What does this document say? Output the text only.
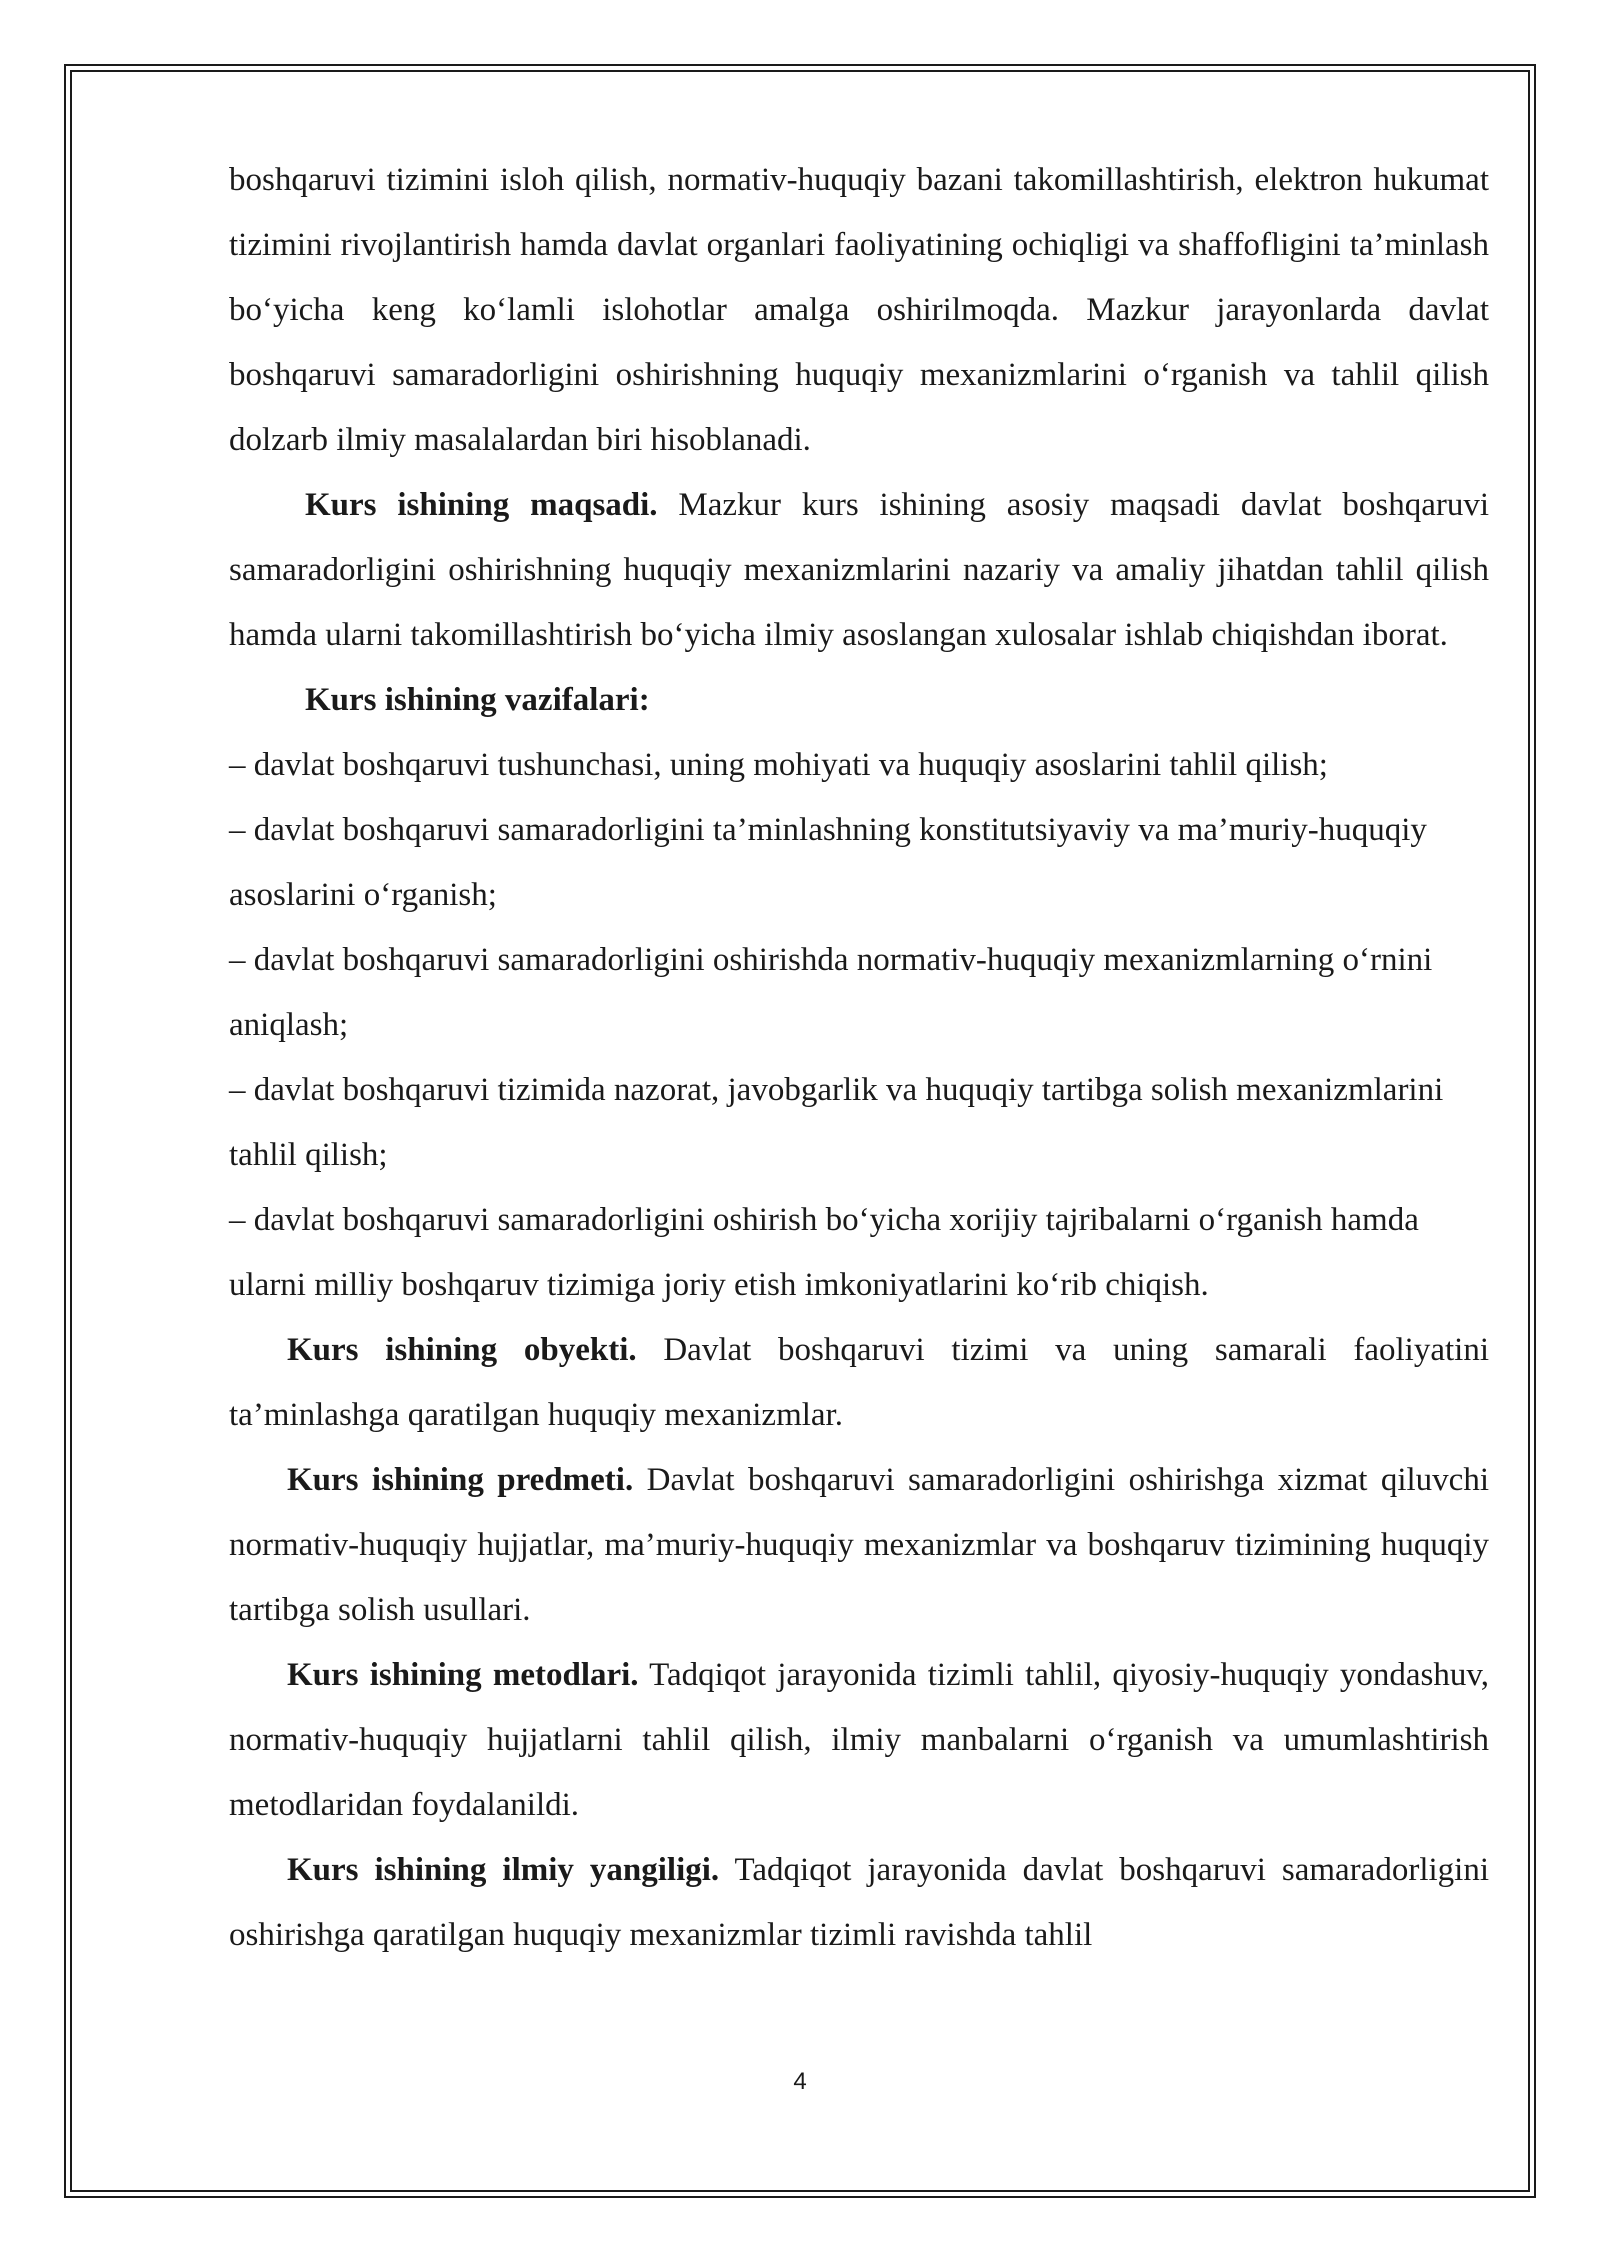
boshqaruvi tizimini isloh qilish, normativ-huquqiy bazani takomillashtirish, elektron hukumat tizimini rivojlantirish hamda davlat organlari faoliyatining ochiqligi va shaffofligini ta’minlash bo‘yicha keng ko‘lamli islohotlar amalga oshirilmoqda. Mazkur jarayonlarda davlat boshqaruvi samaradorligini oshirishning huquqiy mexanizmlarini o‘rganish va tahlil qilish dolzarb ilmiy masalalardan biri hisoblanadi.

Kurs ishining maqsadi. Mazkur kurs ishining asosiy maqsadi davlat boshqaruvi samaradorligini oshirishning huquqiy mexanizmlarini nazariy va amaliy jihatdan tahlil qilish hamda ularni takomillashtirish bo‘yicha ilmiy asoslangan xulosalar ishlab chiqishdan iborat.

Kurs ishining vazifalari:

– davlat boshqaruvi tushunchasi, uning mohiyati va huquqiy asoslarini tahlil qilish;

– davlat boshqaruvi samaradorligini ta’minlashning konstitutsiyaviy va ma’muriy-huquqiy asoslarini o‘rganish;

– davlat boshqaruvi samaradorligini oshirishda normativ-huquqiy mexanizmlarning o‘rnini aniqlash;

– davlat boshqaruvi tizimida nazorat, javobgarlik va huquqiy tartibga solish mexanizmlarini tahlil qilish;

– davlat boshqaruvi samaradorligini oshirish bo‘yicha xorijiy tajribalarni o‘rganish hamda ularni milliy boshqaruv tizimiga joriy etish imkoniyatlarini ko‘rib chiqish.

Kurs ishining obyekti. Davlat boshqaruvi tizimi va uning samarali faoliyatini ta’minlashga qaratilgan huquqiy mexanizmlar.

Kurs ishining predmeti. Davlat boshqaruvi samaradorligini oshirishga xizmat qiluvchi normativ-huquqiy hujjatlar, ma’muriy-huquqiy mexanizmlar va boshqaruv tizimining huquqiy tartibga solish usullari.

Kurs ishining metodlari. Tadqiqot jarayonida tizimli tahlil, qiyosiy-huquqiy yondashuv, normativ-huquqiy hujjatlarni tahlil qilish, ilmiy manbalarni o‘rganish va umumlashtirish metodlaridan foydalanildi.

Kurs ishining ilmiy yangiligi. Tadqiqot jarayonida davlat boshqaruvi samaradorligini oshirishga qaratilgan huquqiy mexanizmlar tizimli ravishda tahlil

4
